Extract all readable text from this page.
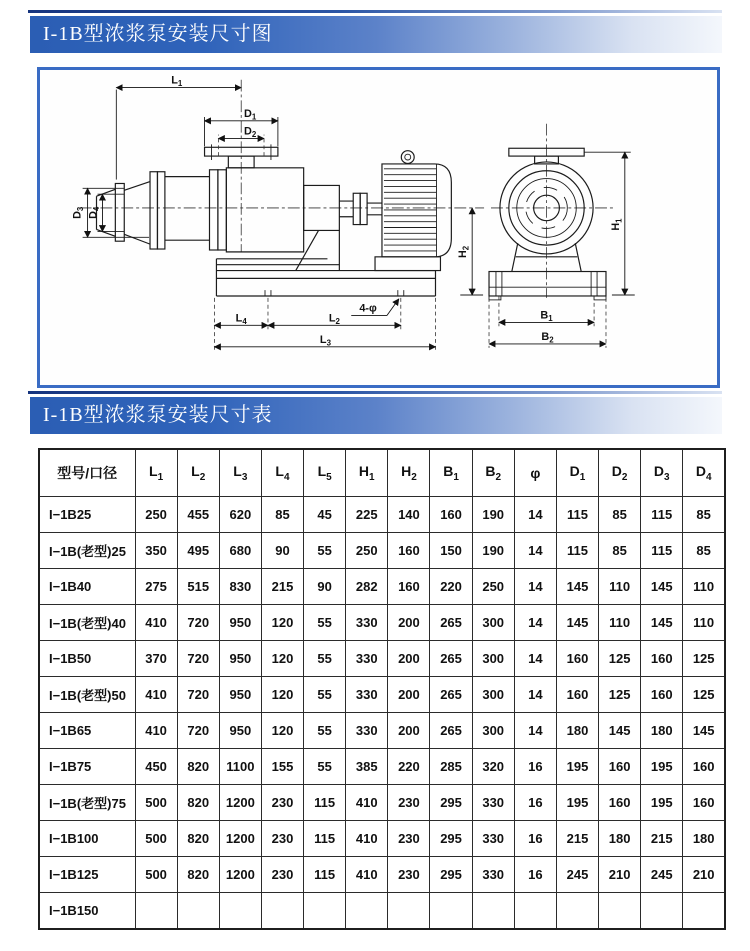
I-1B型浓浆泵安装尺寸图
$L_1$
$D_1$
$D_2$
$D_3$
$D_4$
$L_4$	$L_2$
$L_3$
4-φ
$H_2$
$H_1$
$B_1$
$B_2$
I-1B型浓浆泵安装尺寸表
型号/口径	$L_1$	$L_2$	$L_3$	$L_4$	$L_5$	$H_1$	$H_2$	$B_1$	$B_2$	φ	$D_1$	$D_2$	$D_3$	$D_4$
I−1B25	250	455	620	85	45	225	140	160	190	14	115	85	115	85
I−1B(老型)25	350	495	680	90	55	250	160	150	190	14	115	85	115	85
I−1B40	275	515	830	215	90	282	160	220	250	14	145	110	145	110
I−1B(老型)40	410	720	950	120	55	330	200	265	300	14	145	110	145	110
I−1B50	370	720	950	120	55	330	200	265	300	14	160	125	160	125
I−1B(老型)50	410	720	950	120	55	330	200	265	300	14	160	125	160	125
I−1B65	410	720	950	120	55	330	200	265	300	14	180	145	180	145
I−1B75	450	820	1100	155	55	385	220	285	320	16	195	160	195	160
I−1B(老型)75	500	820	1200	230	115	410	230	295	330	16	195	160	195	160
I−1B100	500	820	1200	230	115	410	230	295	330	16	215	180	215	180
I−1B125	500	820	1200	230	115	410	230	295	330	16	245	210	245	210
I−1B150														
